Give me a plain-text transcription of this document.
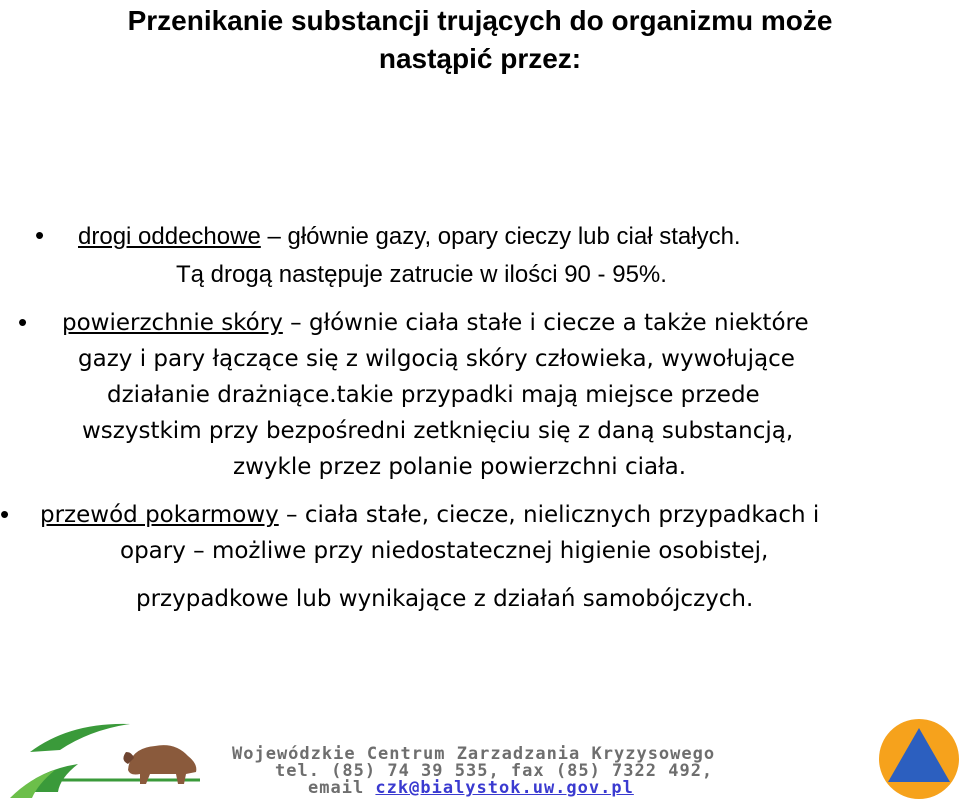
Przenikanie substancji trujących do organizmu może
nastąpić przez:
• drogi oddechowe – głównie gazy, opary cieczy lub ciał stałych.
Tą drogą następuje zatrucie w ilości 90 - 95%.
• powierzchnie skóry – głównie ciała stałe i ciecze a także niektóre
gazy i pary łączące się z wilgocią skóry człowieka, wywołujące
działanie drażniące.takie przypadki mają miejsce przede
wszystkim przy bezpośredni zetknięciu się z daną substancją,
zwykle przez polanie powierzchni ciała.
• przewód pokarmowy – ciała stałe, ciecze, nielicznych przypadkach i
opary – możliwe przy niedostatecznej higienie osobistej,
przypadkowe lub wynikające z działań samobójczych.
Wojewódzkie Centrum Zarzadzania Kryzysowego
tel. (85) 74 39 535, fax (85) 7322 492,
email czk@bialystok.uw.gov.pl
